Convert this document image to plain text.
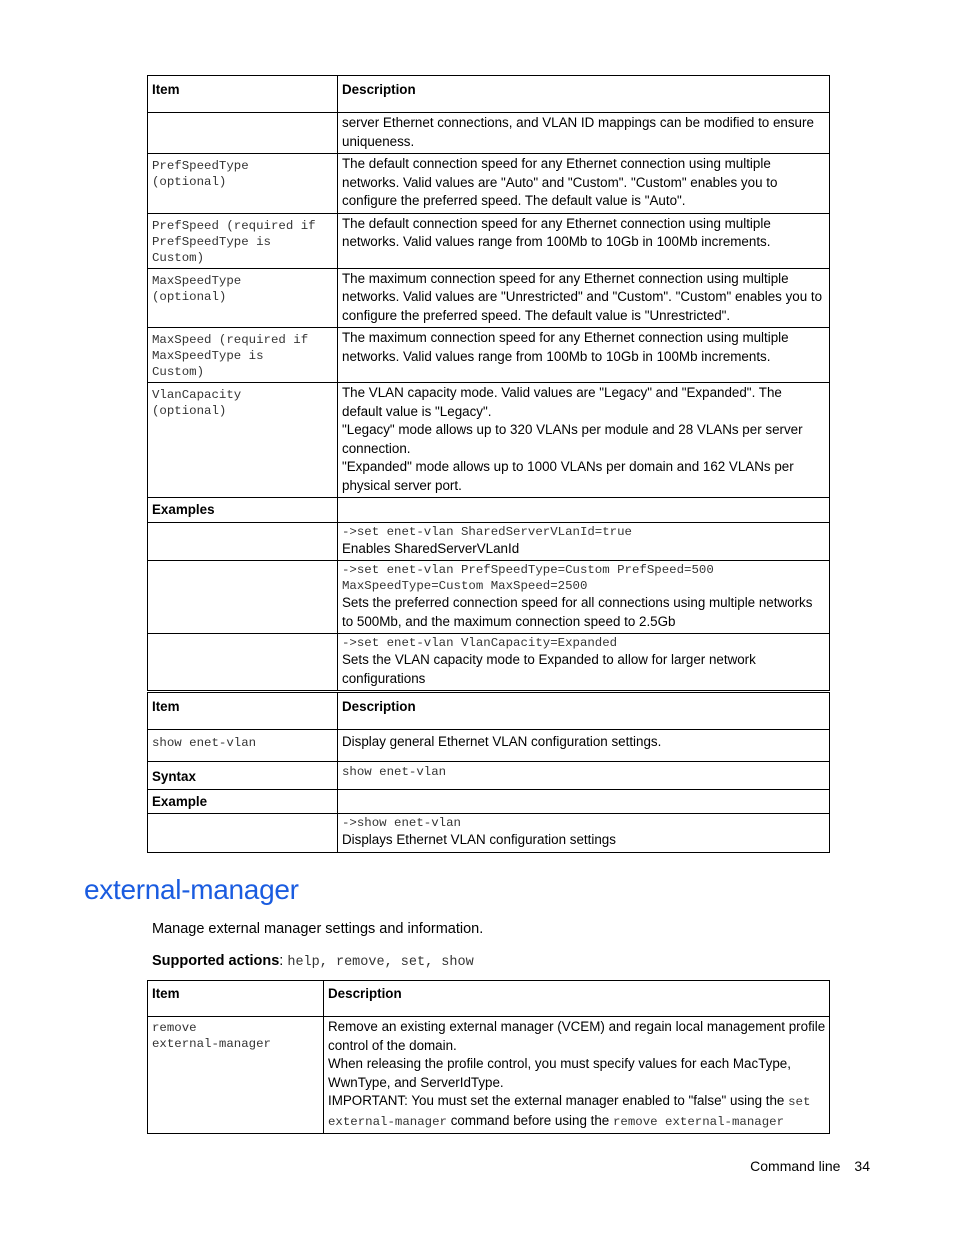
Item	Description

	server Ethernet connections, and VLAN ID mappings can be modified to ensure uniqueness.

PrefSpeedType
(optional)	The default connection speed for any Ethernet connection using multiple networks. Valid values are "Auto" and "Custom". "Custom" enables you to configure the preferred speed. The default value is "Auto".

PrefSpeed (required if
PrefSpeedType is
Custom)	The default connection speed for any Ethernet connection using multiple networks. Valid values range from 100Mb to 10Gb in 100Mb increments.

MaxSpeedType
(optional)	The maximum connection speed for any Ethernet connection using multiple networks. Valid values are "Unrestricted" and "Custom". "Custom" enables you to configure the preferred speed. The default value is "Unrestricted".

MaxSpeed (required if
MaxSpeedType is
Custom)	The maximum connection speed for any Ethernet connection using multiple networks. Valid values range from 100Mb to 10Gb in 100Mb increments.

VlanCapacity
(optional)	The VLAN capacity mode. Valid values are "Legacy" and "Expanded". The default value is "Legacy".
"Legacy" mode allows up to 320 VLANs per module and 28 VLANs per server connection.
"Expanded" mode allows up to 1000 VLANs per domain and 162 VLANs per physical server port.

Examples	

	->set enet-vlan SharedServerVLanId=true
Enables SharedServerVLanId

	->set enet-vlan PrefSpeedType=Custom PrefSpeed=500
MaxSpeedType=Custom MaxSpeed=2500
Sets the preferred connection speed for all connections using multiple networks to 500Mb, and the maximum connection speed to 2.5Gb

	->set enet-vlan VlanCapacity=Expanded
Sets the VLAN capacity mode to Expanded to allow for larger network configurations
Item	Description

show enet-vlan	Display general Ethernet VLAN configuration settings.
Syntax	show enet-vlan

Example	

	->show enet-vlan
Displays Ethernet VLAN configuration settings
external-manager

Manage external manager settings and information.

Supported actions: help, remove, set, show

Item	Description

remove
external-manager	Remove an existing external manager (VCEM) and regain local management profile control of the domain.
When releasing the profile control, you must specify values for each MacType, WwnType, and ServerIdType.
IMPORTANT: You must set the external manager enabled to "false" using the set external-manager command before using the remove external-manager
Command line 34
